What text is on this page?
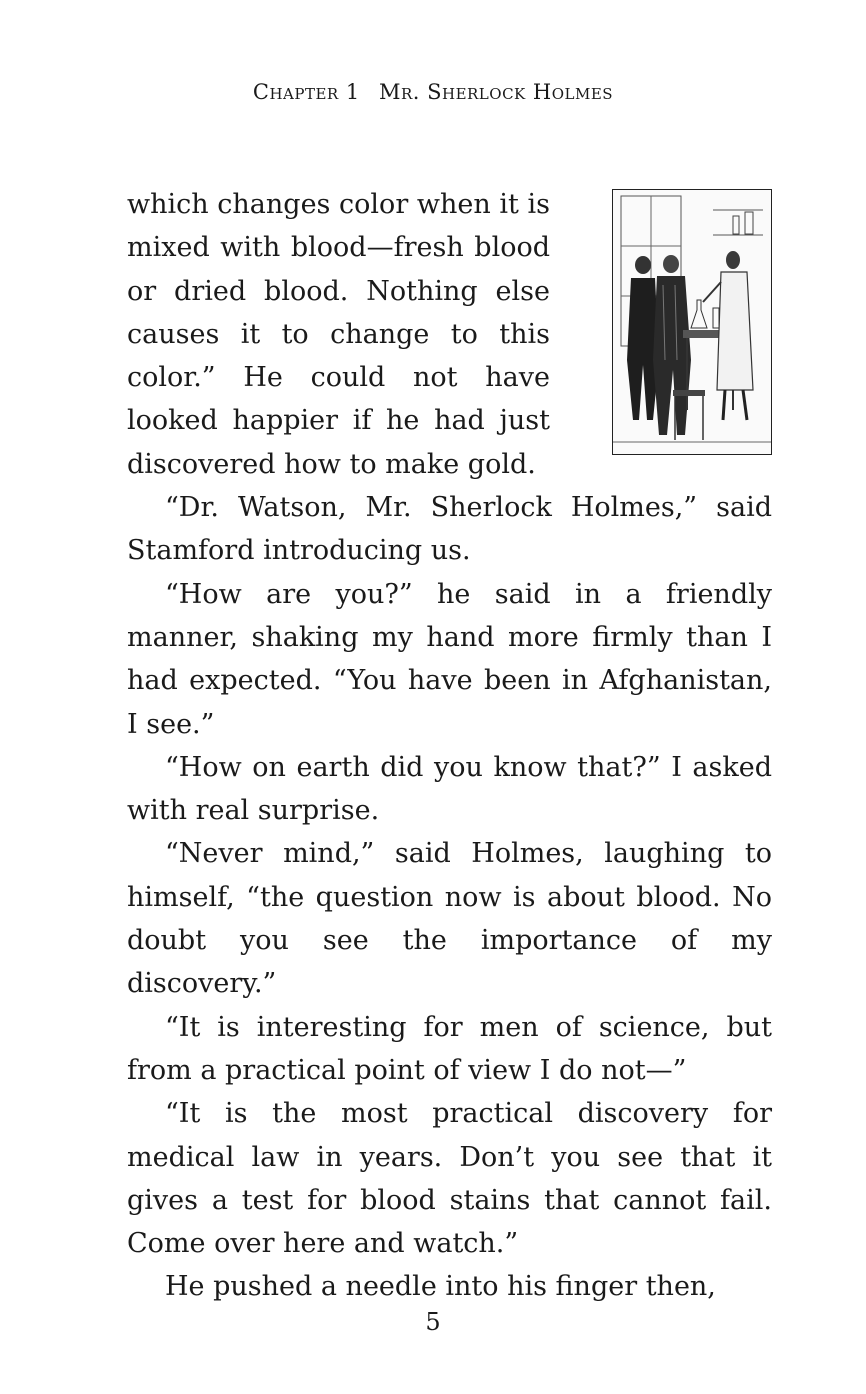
Chapter 1 Mr. Sherlock Holmes

which changes color when it is mixed with blood—fresh blood or dried blood. Nothing else causes it to change to this color.” He could not have looked happier if he had just discovered how to make gold.

“Dr. Watson, Mr. Sherlock Holmes,” said Stamford introducing us.

“How are you?” he said in a friendly manner, shaking my hand more firmly than I had expected. “You have been in Afghanistan, I see.”

“How on earth did you know that?” I asked with real surprise.

“Never mind,” said Holmes, laughing to himself, “the question now is about blood. No doubt you see the importance of my discovery.”

“It is interesting for men of science, but from a practical point of view I do not—”

“It is the most practical discovery for medical law in years. Don’t you see that it gives a test for blood stains that cannot fail. Come over here and watch.”

He pushed a needle into his finger then,

5
